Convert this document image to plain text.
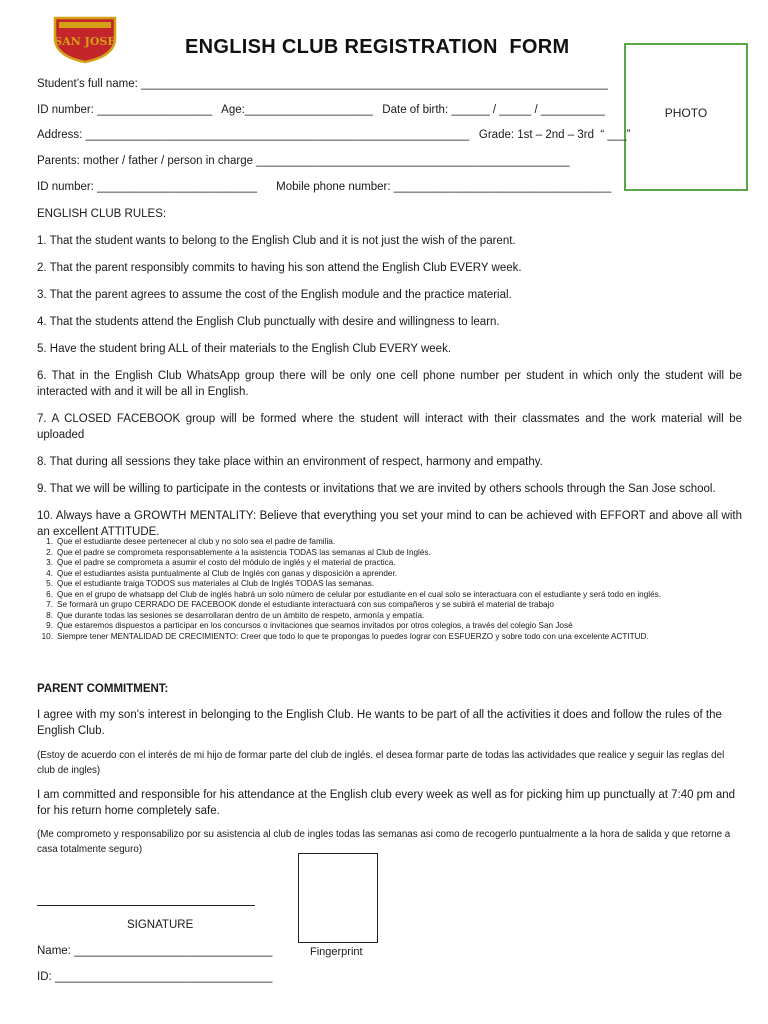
SAN JOSE	ENGLISH CLUB REGISTRATION  FORM
PHOTO
Student’s full name: _________________________________________________________________________
ID number: __________________   Age:____________________   Date of birth: ______ / _____ / __________
Address: ____________________________________________________________   Grade: 1st – 2nd – 3rd  “ ___”
Parents: mother / father / person in charge _________________________________________________
ID number: _________________________      Mobile phone number: __________________________________
ENGLISH CLUB RULES:
1. That the student wants to belong to the English Club and it is not just the wish of the parent.
2. That the parent responsibly commits to having his son attend the English Club EVERY week.
3. That the parent agrees to assume the cost of the English module and the practice material.
4. That the students attend the English Club punctually with desire and willingness to learn.
5. Have the student bring ALL of their materials to the English Club EVERY week.
6. That in the English Club WhatsApp group there will be only one cell phone number per student in which only the student will be interacted with and it will be all in English.
7. A CLOSED FACEBOOK group will be formed where the student will interact with their classmates and the work material will be uploaded
8. That during all sessions they take place within an environment of respect, harmony and empathy.
9. That we will be willing to participate in the contests or invitations that we are invited by others schools through the San Jose school.
10. Always have a GROWTH MENTALITY: Believe that everything you set your mind to can be achieved with EFFORT and above all with an excellent ATTITUDE.
1. Que el estudiante desee pertenecer al club y no solo sea el padre de familia.
2. Que el padre se comprometa responsablemente a la asistencia TODAS las semanas al Club de Inglés.
3. Que el padre se comprometa a asumir el costo del módulo de inglés y el material de practica.
4. Que el estudiantes asista puntualmente al Club de Inglés con ganas y disposición a aprender.
5. Que el estudiante traiga TODOS sus materiales al Club de Inglés TODAS las semanas.
6. Que en el grupo de whatsapp del Club de inglés habrá un solo número de celular por estudiante en el cual solo se interactuara con el estudiante y será todo en inglés.
7. Se formará un grupo CERRADO DE FACEBOOK donde el estudiante interactuará con sus compañeros y se subirá el material de trabajo
8. Que durante todas las sesiones se desarrollaran dentro de un ámbito de respeto, armonía y empatía.
9. Que estaremos dispuestos a participar en los concursos o invitaciones que seamos invitados por otros colegios, a través del colegio San José
10. Siempre tener MENTALIDAD DE CRECIMIENTO: Creer que todo lo que te propongas lo puedes lograr con ESFUERZO y sobre todo con una excelente ACTITUD.
PARENT COMMITMENT:
I agree with my son's interest in belonging to the English Club. He wants to be part of all the activities it does and follow the rules of the English Club.
(Estoy de acuerdo con el interés de mi hijo de formar parte del club de inglés. el desea formar parte de todas las actividades que realice y seguir las reglas del club de ingles)
I am committed and responsible for his attendance at the English club every week as well as for picking him up punctually at 7:40 pm and for his return home completely safe.
(Me comprometo y responsabilizo por su asistencia al club de ingles todas las semanas asi como de recogerlo puntualmente a la hora de salida y que retorne a casa totalmente seguro)
SIGNATURE
Fingerprint
Name: _______________________________
ID: __________________________________
